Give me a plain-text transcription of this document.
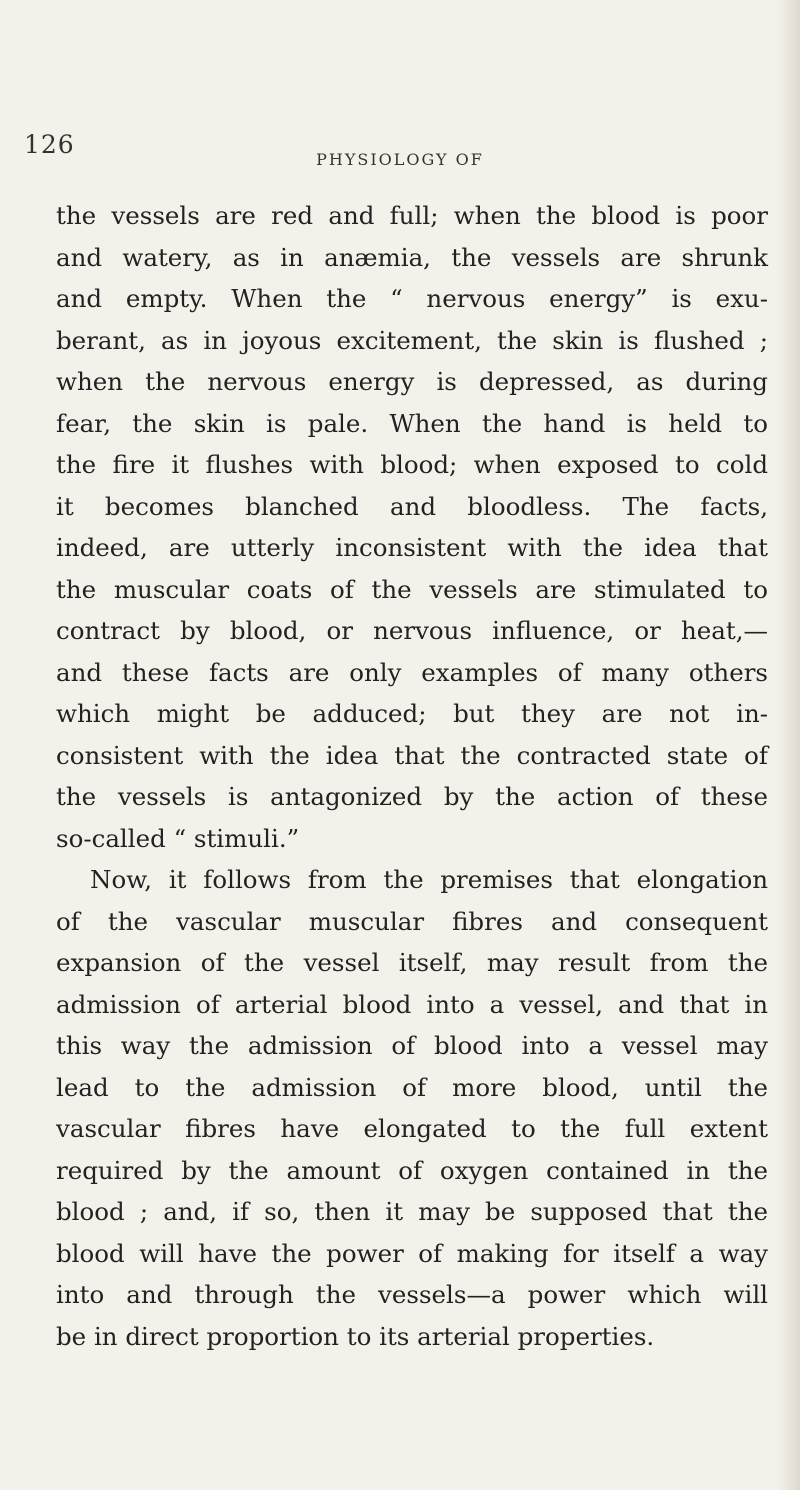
126
PHYSIOLOGY OF
the vessels are red and full; when the blood is poor
and watery, as in anæmia, the vessels are shrunk
and empty. When the “ nervous energy” is exu-
berant, as in joyous excitement, the skin is flushed ;
when the nervous energy is depressed, as during
fear, the skin is pale. When the hand is held to
the fire it flushes with blood; when exposed to cold
it becomes blanched and bloodless. The facts,
indeed, are utterly inconsistent with the idea that
the muscular coats of the vessels are stimulated to
contract by blood, or nervous influence, or heat,—
and these facts are only examples of many others
which might be adduced; but they are not in-
consistent with the idea that the contracted state of
the vessels is antagonized by the action of these
so-called “ stimuli.”
Now, it follows from the premises that elongation
of the vascular muscular fibres and consequent
expansion of the vessel itself, may result from the
admission of arterial blood into a vessel, and that in
this way the admission of blood into a vessel may
lead to the admission of more blood, until the
vascular fibres have elongated to the full extent
required by the amount of oxygen contained in the
blood ; and, if so, then it may be supposed that the
blood will have the power of making for itself a way
into and through the vessels—a power which will
be in direct proportion to its arterial properties.
